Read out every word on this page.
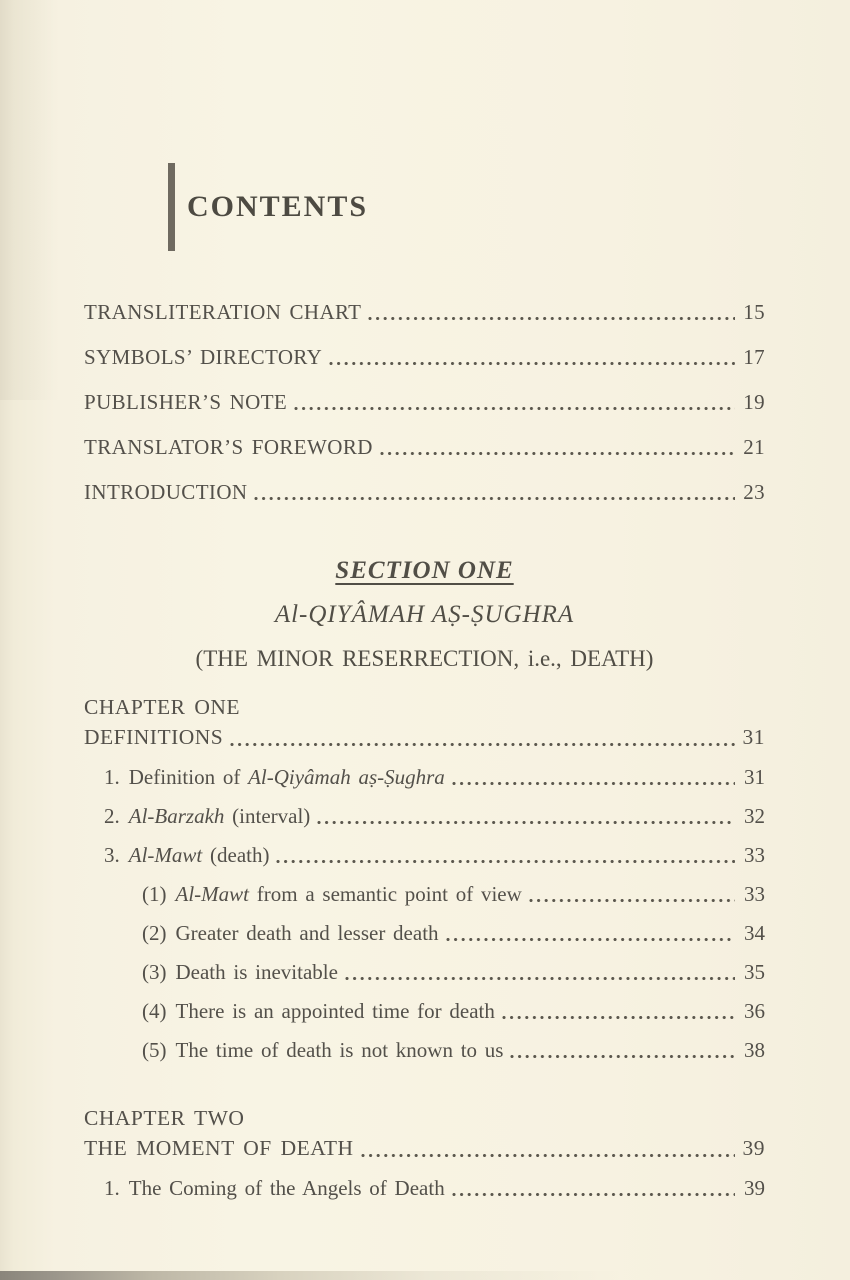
CONTENTS
TRANSLITERATION CHART	15
SYMBOLS’ DIRECTORY	17
PUBLISHER’S NOTE	19
TRANSLATOR’S FOREWORD	21
INTRODUCTION	23
SECTION ONE
Al-QIYÂMAH AṢ-ṢUGHRA
(THE MINOR RESERRECTION, i.e., DEATH)
CHAPTER ONE
DEFINITIONS	31
1. Definition of Al-Qiyâmah aṣ-Ṣughra	31
2. Al-Barzakh (interval)	32
3. Al-Mawt (death)	33
(1) Al-Mawt from a semantic point of view	33
(2) Greater death and lesser death	34
(3) Death is inevitable	35
(4) There is an appointed time for death	36
(5) The time of death is not known to us	38
CHAPTER TWO
THE MOMENT OF DEATH	39
1. The Coming of the Angels of Death	39
